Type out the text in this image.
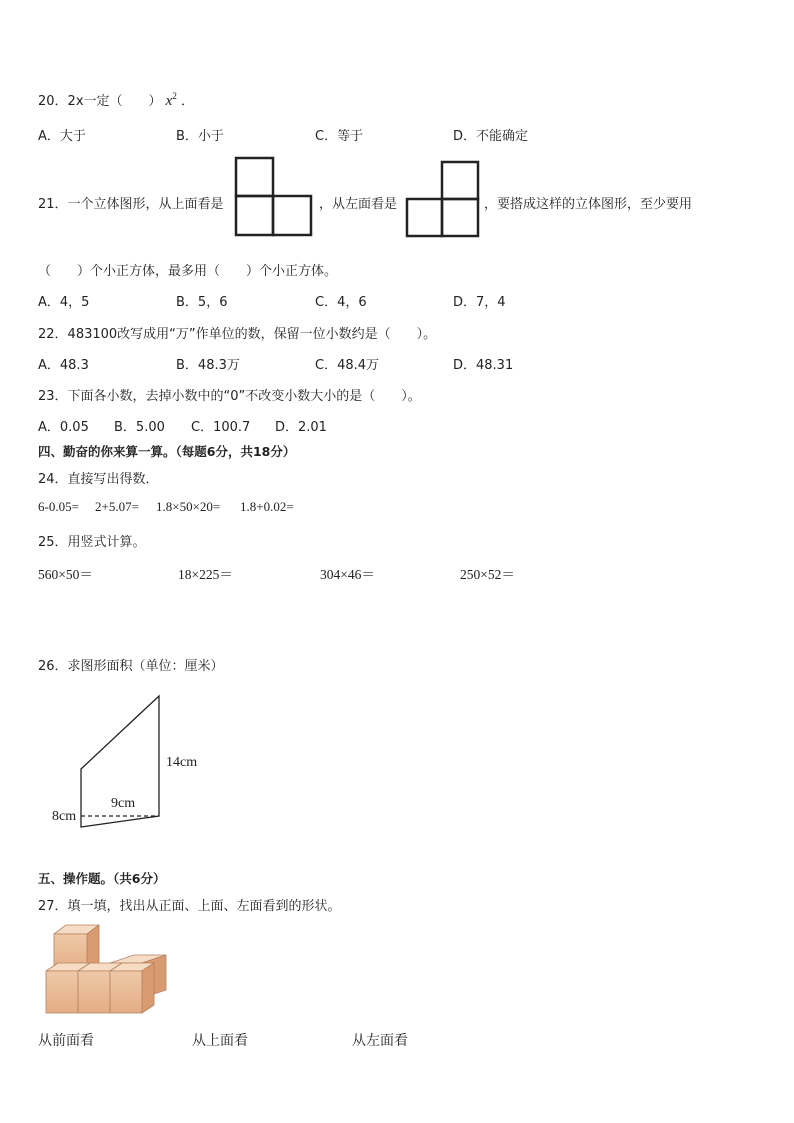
20．2x一定（　　） $x^2$ ．
A．大于	B．小于	C．等于	D．不能确定
21．一个立体图形，从上面看是	，从左面看是	，要搭成这样的立体图形，至少要用
（　　）个小正方体，最多用（　　）个小正方体。
A．4，5	B．5，6	C．4，6	D．7，4
22．483100改写成用“万”作单位的数，保留一位小数约是（　　）。
A．48.3	B．48.3万	C．48.4万	D．48.31
23．下面各小数，去掉小数中的“0”不改变小数大小的是（　　）。
A．0.05 B．5.00 C．100.7 D．2.01
四、勤奋的你来算一算。（每题6分，共18分）
24．直接写出得数．
6-0.05= 2+5.07= 1.8×50×20= 1.8+0.02=
25．用竖式计算。
560×50＝	18×225＝	304×46＝	250×52＝
26．求图形面积（单位：厘米）
14cm
9cm
8cm
五、操作题。（共6分）
27．填一填，找出从正面、上面、左面看到的形状。
从前面看	从上面看	从左面看
